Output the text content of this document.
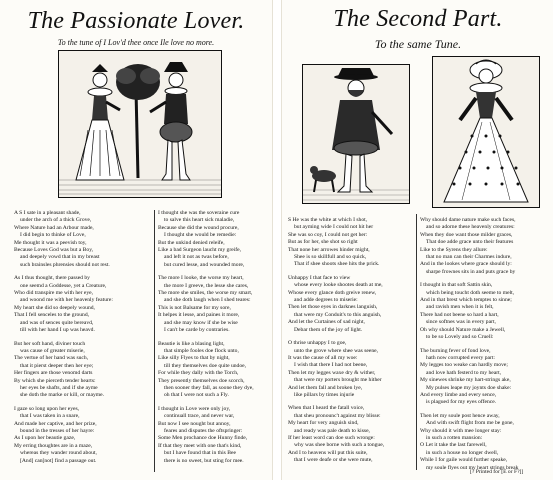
The Passionate Lover.
To the tune of I Lov'd thee once Ile love no more.
A S I sate in a pleasant shade,
under the arch of a thick Grove,
Where Nature had an Arbour made,
I did begin to thinke of Love,
Me thought it was a peevish toy,
Because Loves God was but a Boy,
and deepely vowd that in my breast
such brainsles phrensies should not rest.
As I thus thought, there passed by
one seemd a Goddesse, yet a Creature,
Who did transpire me with her eye,
and woond me with her heavenly feature:
My heart she did so deepely wound,
That I fell senceles to the ground,
and was of sences quite bereavd,
till with her hand I up was heavd.
But her soft hand, diviner touch
was cause of greater miserie,
The vertue of her hand was such,
that it pierst deeper then her eye;
Her fingers are those venomd darts
By which she pierceth tender hearts:
her eyes be shafts, and if she ayme
she doth the marke or kill, or mayme.
I gaze so long upon her eyes,
that I was taken in a snare,
And made her captive, and her prize,
bound in the tresses of her hayre:
As I upon her beautie gaze,
My erring thoughtes are in a maze,
whereas they wander round about,
[And] can[not] find a passage out.
I thought she was the soveraine cure
to salve this heart sick maladie,
Because she did the wound procure,
I thought she would be remedie:
But the unkind denied releife,
Like a bad Surgeon laucht my greife,
and left it not as twas before,
but cured lesse, and wounded more,
The more I looke, the worse my heart,
the more I greeve, the lesse she cares,
The more she smiles, the worse my smart,
and she doth laugh when I shed teares:
This is not Balsame for my sore,
It helpes it lesse, and paines it more,
and she may know if she be wise
I can't be carde by contraries.
Beautie is like a blasing light,
that simple fooles doe flock unto,
Like silly Flyes to that by night,
till they themselves doe quite undoe,
For while they dally with the Torch,
They presently themselves doe scorch,
then sooner they fall, as soone they dye,
oh that I were not such a Fly.
I thought in Love were only joy,
continuall trace, and never war,
But now I see nought but annoy,
feares and disputes the oftspringer:
Some Men prochance doe Hunny finde,
If that they meet with one that's kind,
but I have found that in this Bee
there is no sweet, but sting for mee.
The Second Part.
To the same Tune.
S He was the white at which I shot,
but ayming wide I could not hit her
She was so coy, I could not get her:
But as for her, she shot so right
That none her arrowes hinder might,
Shee is so skillfull and so quick,
That if shee shoots shee hits the prick.
Unhappy I that face to view
whose every looke shootes death at me,
Whose every glance doth greive renew,
and adde degrees to miserie:
Then let those eyes in darknes languish,
that were my Conduit's to this anguish,
And let the Curtaines of sad night,
Debar them of the joy of light.
O thrise unhappy I to goe,
unto the grove where shee was seene,
It was the cause of all my woe:
I wish that there I had not beene,
Then let my legges waxe dry & wither,
that were my porters brought me hither
And let them fall and broken lye,
like pillars by times injurie
When that I heard the fatall voice,
that sheu pronounc't against my blisse:
My heart for very anguish sind,
and ready was pale death to kisse,
If her least word can doe such wronge:
why was shee borne with such a tongue,
And I to heavens will put this suite,
that I were deafe or she were mute,
Why should dame nature make such faces,
and so adorne these heavenly creatures:
When they doe want those milder graces,
That doe adde grace unto their features
Like to the Syrens they allure:
that no man can their Charmes indure,
And in the lookes where grace should ly:
sharpe frownes sits in and puts grace by
I thought in that soft Sattin skin,
which being toucht doth seeme to melt,
And in that brest which temptes to sinne;
and ravish men when it is felt,
There had not beene so hard a hart,
since softnes was in every part,
Oh why should Nature make a Jewell,
to be so Lovely and so Cruell:
The burning fever of fond love,
hath now corrupted every part:
My legges too weake can hardly move;
and love hath festerd to my heart,
My sinewes shrinke my hart-strings ake,
My pulses leape my joynts doe shake:
And every limbe and every sence,
is plagued for my eyes offence.
Then let my soule post hence away,
And with swift flight from me be gone,
Why should it with mee longer stay:
in such a rotten mansion:
O Let it take the last farewell,
in such a house no longer dwell,
While I for gaile would further speake,
my soule flyes out my heart strings break
[? Printed for [E or F?]]
